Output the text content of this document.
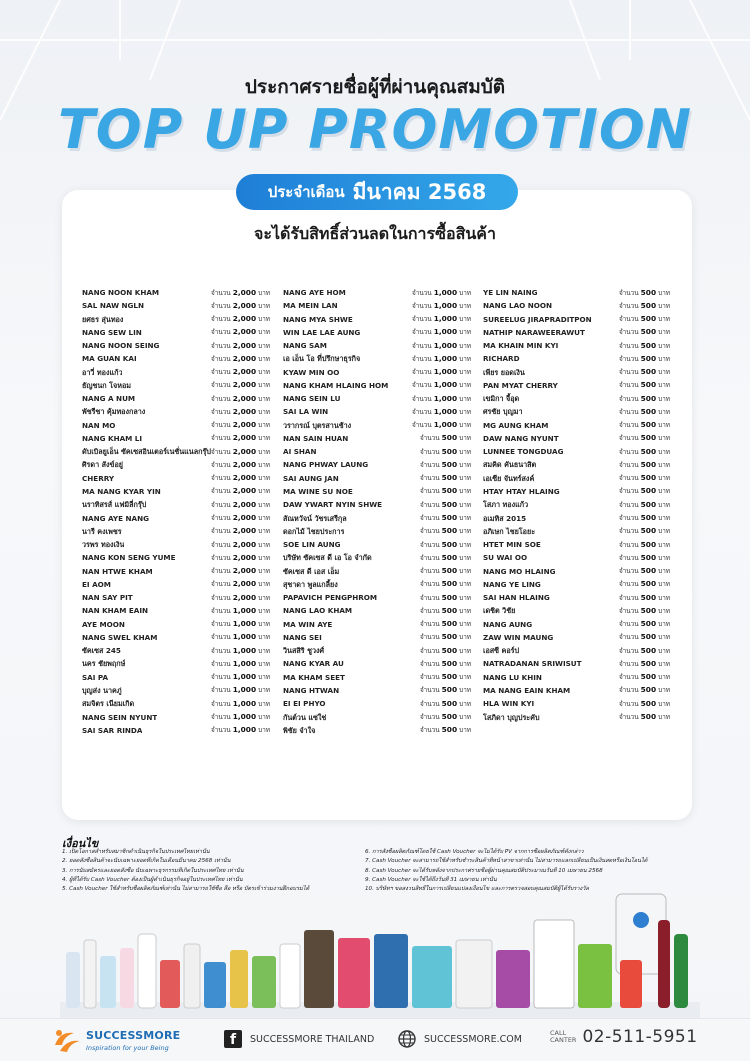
ประกาศรายชื่อผู้ที่ผ่านคุณสมบัติ
TOP UP PROMOTION
ประจำเดือน มีนาคม 2568
จะได้รับสิทธิ์ส่วนลดในการซื้อสินค้า
NANG NOON KHAM	จำนวน 2,000 บาท
SAL NAW NGLN	จำนวน 2,000 บาท
ยศธร สุ่นทอง	จำนวน 2,000 บาท
NANG SEW LIN	จำนวน 2,000 บาท
NANG NOON SEING	จำนวน 2,000 บาท
MA GUAN KAI	จำนวน 2,000 บาท
อาวี่ ทองแก้ว	จำนวน 2,000 บาท
ธัญชนก โจหอม	จำนวน 2,000 บาท
NANG A NUM	จำนวน 2,000 บาท
พัชรีชา คุ้มทองกลาง	จำนวน 2,000 บาท
NAN MO	จำนวน 2,000 บาท
NANG KHAM LI	จำนวน 2,000 บาท
ดับเบิลยูเอ็น ซัคเซสอินเตอร์เนชั่นแนลกรุ๊ป จำนวน 2,000 บาท
ศิรดา สังข์อยู่	จำนวน 2,000 บาท
CHERRY	จำนวน 2,000 บาท
MA NANG KYAR YIN	จำนวน 2,000 บาท
นราทิสรส์ แฟมิลี่กรุ๊ป	จำนวน 2,000 บาท
NANG AYE NANG	จำนวน 2,000 บาท
นารี คงเพชร	จำนวน 2,000 บาท
วรพร ทองเงิน	จำนวน 2,000 บาท
NANG KON SENG YUME	จำนวน 2,000 บาท
NAN HTWE KHAM	จำนวน 2,000 บาท
EI AOM	จำนวน 2,000 บาท
NAN SAY PIT	จำนวน 2,000 บาท
NAN KHAM EAIN	จำนวน 1,000 บาท
AYE MOON	จำนวน 1,000 บาท
NANG SWEL KHAM	จำนวน 1,000 บาท
ซัคเซส 245	จำนวน 1,000 บาท
นคร ชัยพฤกษ์	จำนวน 1,000 บาท
SAI PA	จำนวน 1,000 บาท
บุญส่ง นาคภู่	จำนวน 1,000 บาท
สมจิตร เนียมเกิด	จำนวน 1,000 บาท
NANG SEIN NYUNT	จำนวน 1,000 บาท
SAI SAR RINDA	จำนวน 1,000 บาท
NANG AYE HOM	จำนวน 1,000 บาท
MA MEIN LAN	จำนวน 1,000 บาท
NANG MYA SHWE	จำนวน 1,000 บาท
WIN LAE LAE AUNG	จำนวน 1,000 บาท
NANG SAM	จำนวน 1,000 บาท
เอ เอ็น โอ ที่ปรึกษาธุรกิจ	จำนวน 1,000 บาท
KYAW MIN OO	จำนวน 1,000 บาท
NANG KHAM HLAING HOM	จำนวน 1,000 บาท
NANG SEIN LU	จำนวน 1,000 บาท
SAI LA WIN	จำนวน 1,000 บาท
วรากรณ์ บุตรสานช้าง	จำนวน 1,000 บาท
NAN SAIN HUAN	จำนวน 500 บาท
AI SHAN	จำนวน 500 บาท
NANG PHWAY LAUNG	จำนวน 500 บาท
SAI AUNG JAN	จำนวน 500 บาท
MA WINE SU NOE	จำนวน 500 บาท
DAW YWART NYIN SHWE	จำนวน 500 บาท
สัณหวัจน์ วัชรเสรีกุล	จำนวน 500 บาท
ดอกไม้ ไชยประการ	จำนวน 500 บาท
SOE LIN AUNG	จำนวน 500 บาท
บริษัท ซัคเซส ดี เอ โอ จำกัด	จำนวน 500 บาท
ซัคเซส ดี เอส เอ็ม	จำนวน 500 บาท
สุชาดา พูลแกลี้ยง	จำนวน 500 บาท
PAPAVICH PENGPHROM	จำนวน 500 บาท
NANG LAO KHAM	จำนวน 500 บาท
MA WIN AYE	จำนวน 500 บาท
NANG SEI	จำนวน 500 บาท
วินสสิริ ชูวงศ์	จำนวน 500 บาท
NANG KYAR AU	จำนวน 500 บาท
MA KHAM SEET	จำนวน 500 บาท
NANG HTWAN	จำนวน 500 บาท
EI EI PHYO	จำนวน 500 บาท
กันต์วน แซ่ใช่	จำนวน 500 บาท
พิชัย จำใจ	จำนวน 500 บาท
YE LIN NAING	จำนวน 500 บาท
NANG LAO NOON	จำนวน 500 บาท
SUREELUG JIRAPRADITPON	จำนวน 500 บาท
NATHIP NARAWEERAWUT	จำนวน 500 บาท
MA KHAIN MIN KYI	จำนวน 500 บาท
RICHARD	จำนวน 500 บาท
เพียร ยอดเงิน	จำนวน 500 บาท
PAN MYAT CHERRY	จำนวน 500 บาท
เขมิกา จี้อุด	จำนวน 500 บาท
ศรชัย บุญมา	จำนวน 500 บาท
MG AUNG KHAM	จำนวน 500 บาท
DAW NANG NYUNT	จำนวน 500 บาท
LUNNEE TONGDUAG	จำนวน 500 บาท
สมคิด คันธนาสิต	จำนวน 500 บาท
เอเซีย จันทร์สงค์	จำนวน 500 บาท
HTAY HTAY HLAING	จำนวน 500 บาท
โสภา ทองแก้ว	จำนวน 500 บาท
อเมทิส 2015	จำนวน 500 บาท
อภิเษก ไชยโอยะ	จำนวน 500 บาท
HTET MIN SOE	จำนวน 500 บาท
SU WAI OO	จำนวน 500 บาท
NANG MO HLAING	จำนวน 500 บาท
NANG YE LING	จำนวน 500 บาท
SAI HAN HLAING	จำนวน 500 บาท
เดชิต วิชัย	จำนวน 500 บาท
NANG AUNG	จำนวน 500 บาท
ZAW WIN MAUNG	จำนวน 500 บาท
เอสซี คอร์ป	จำนวน 500 บาท
NATRADANAN SRIWISUT	จำนวน 500 บาท
NANG LU KHIN	จำนวน 500 บาท
MA NANG EAIN KHAM	จำนวน 500 บาท
HLA WIN KYI	จำนวน 500 บาท
โสภิดา บุญประคับ	จำนวน 500 บาท
เงื่อนไข
1. เปิดโอกาสสำหรับสมาชิกดำเนินธุรกิจในประเทศไทยเท่านั้น
2. ยอดสั่งซื้อสินค้าจะนับเฉพาะยอดที่เกิดในเดือนมีนาคม 2568 เท่านั้น
3. การนับสมัครและยอดสั่งซื้อ นับเฉพาะธุรกรรมที่เกิดในประเทศไทย เท่านั้น
4. ผู้ที่ได้รับ Cash Voucher ต้องเป็นผู้ดำเนินธุรกิจอยู่ในประเทศไทย เท่านั้น
5. Cash Voucher ใช้สำหรับซื้อผลิตภัณฑ์เท่านั้น ไม่สามารถใช้ซื้อ สื่อ หรือ บัตรเข้าร่วมงานฝึกอบรมได้
6. การสั่งซื้อผลิตภัณฑ์โดยใช้ Cash Voucher จะไม่ได้รับ PV จากการซื้อผลิตภัณฑ์ดังกล่าว
7. Cash Voucher จะสามารถใช้สำหรับชำระสินค้าที่หน้าสาขาเท่านั้น ไม่สามารถแลกเปลี่ยนเป็นเงินสดหรือเงินโอนได้
8. Cash Voucher จะได้รับหลังจากประกาศรายชื่อผู้ผ่านคุณสมบัติประมาณวันที่ 10 เมษายน 2568
9. Cash Voucher จะใช้ได้ถึงวันที่ 31 เมษายน เท่านั้น
10. บริษัทฯ ขอสงวนสิทธิ์ในการเปลี่ยนแปลงเงื่อนไข และการตรวจสอบคุณสมบัติผู้ได้รับรางวัล
SUCCESSMORE
Inspiration for your Being	f	SUCCESSMORE THAILAND	SUCCESSMORE.COM
CALL
CANTER 02-511-5951
